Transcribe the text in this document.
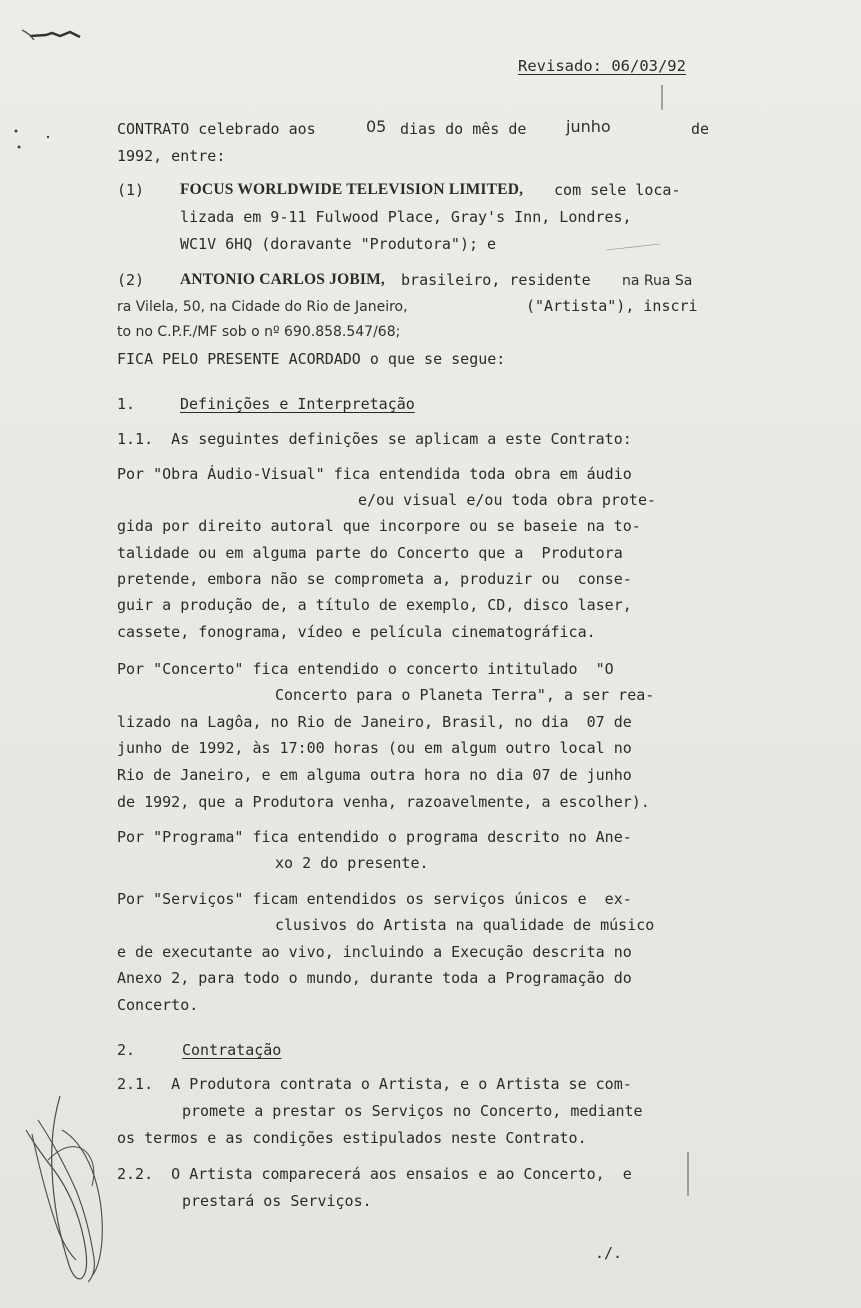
Revisado: 06/03/92
CONTRATO celebrado aos	05 dias do mês de junho	de
1992, entre:
(1) FOCUS WORLDWIDE TELEVISION LIMITED, com sele loca-
lizada em 9-11 Fulwood Place, Gray's Inn, Londres,
WC1V 6HQ (doravante "Produtora"); e
(2) ANTONIO CARLOS JOBIM, brasileiro, residente na Rua Sa
ra Vilela, 50, na Cidade do Rio de Janeiro,	("Artista"), inscri
to no C.P.F./MF sob o nº 690.858.547/68;
FICA PELO PRESENTE ACORDADO o que se segue:
1.	Definições e Interpretação
1.1.  As seguintes definições se aplicam a este Contrato:
Por "Obra Áudio-Visual" fica entendida toda obra em áudio
e/ou visual e/ou toda obra prote-
gida por direito autoral que incorpore ou se baseie na to-
talidade ou em alguma parte do Concerto que a  Produtora
pretende, embora não se comprometa a, produzir ou  conse-
guir a produção de, a título de exemplo, CD, disco laser,
cassete, fonograma, vídeo e película cinematográfica.
Por "Concerto" fica entendido o concerto intitulado  "O
Concerto para o Planeta Terra", a ser rea-
lizado na Lagôa, no Rio de Janeiro, Brasil, no dia  07 de
junho de 1992, às 17:00 horas (ou em algum outro local no
Rio de Janeiro, e em alguma outra hora no dia 07 de junho
de 1992, que a Produtora venha, razoavelmente, a escolher).
Por "Programa" fica entendido o programa descrito no Ane-
xo 2 do presente.
Por "Serviços" ficam entendidos os serviços únicos e  ex-
clusivos do Artista na qualidade de músico
e de executante ao vivo, incluindo a Execução descrita no
Anexo 2, para todo o mundo, durante toda a Programação do
Concerto.
2.	Contratação
2.1.  A Produtora contrata o Artista, e o Artista se com-
promete a prestar os Serviços no Concerto, mediante
os termos e as condições estipulados neste Contrato.
2.2.  O Artista comparecerá aos ensaios e ao Concerto,  e
prestará os Serviços.
./.
